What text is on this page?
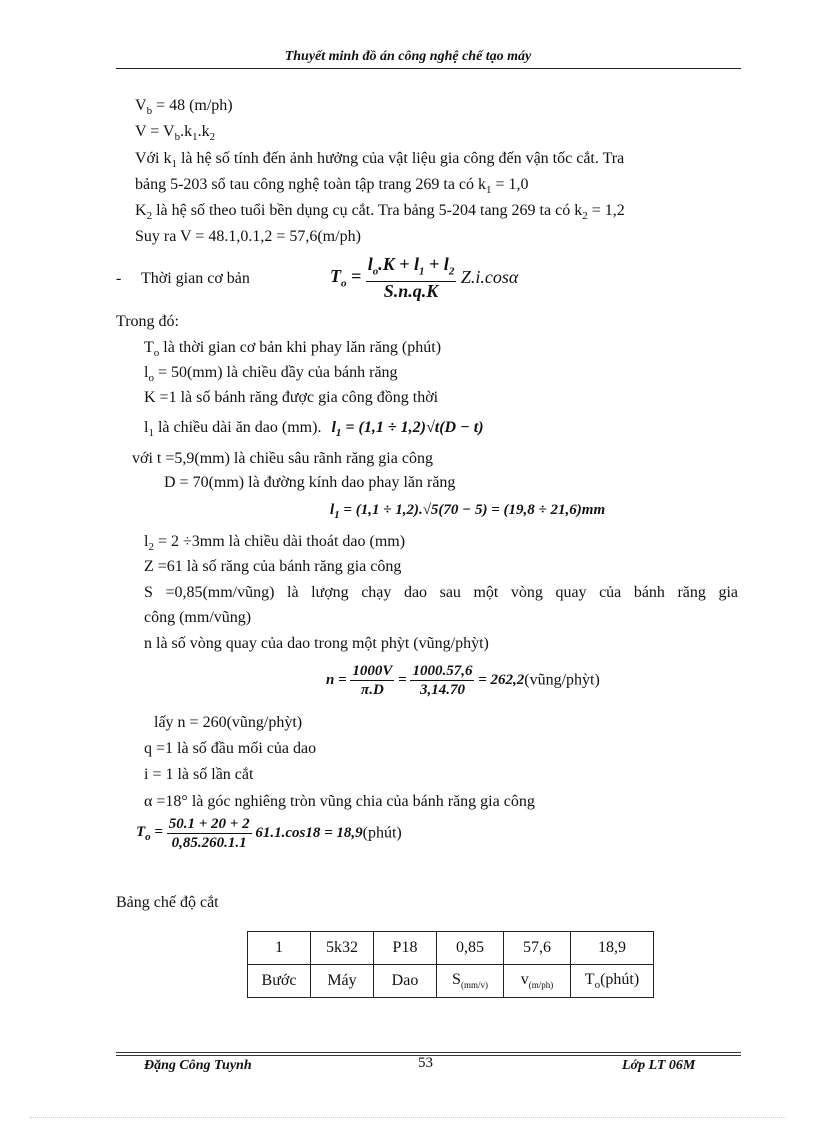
Thuyết minh đồ án công nghệ chế tạo máy
$V_b = 48$ (m/ph)
$V = V_b.k_1.k_2$
Với $k_1$ là hệ số tính đến ảnh hưởng của vật liệu gia công đến vận tốc cắt. Tra
bảng 5-203 sổ tau công nghệ toàn tập trang 269 ta có $k_1 = 1,0$
$K_2$ là hệ số theo tuổi bền dụng cụ cắt. Tra bảng 5-204 tang 269 ta có $k_2 = 1,2$
Suy ra V = 48.1,0.1,2 = 57,6(m/ph)
- Thời gian cơ bản	$T_o = \frac{l_o.K + l_1 + l_2}{S.n.q.K} Z.i.\cos\alpha$
Trong đó:
$T_o$ là thời gian cơ bản khi phay lăn răng (phút)
$l_o = 50(mm)$ là chiều dầy của bánh răng
K =1 là số bánh răng được gia công đồng thời
$l_1$ là chiều dài ăn dao (mm). $l_1 = (1,1 \div 1,2)√t(D - t)$
với t =5,9(mm) là chiều sâu rãnh răng gia công
D = 70(mm) là đường kính dao phay lăn răng
$l_1 = (1,1 \div 1,2).√5(70 - 5) = (19,8 \div 21,6)mm$
$l_2 = 2 \div 3mm$ là chiều dài thoát dao (mm)
Z =61 là số răng của bánh răng gia công
S =0,85(mm/vũng) là lượng chạy dao sau một vòng quay của bánh răng gia
công (mm/vũng)
n là số vòng quay của dao trong một phỳt (vũng/phỳt)
$n = \frac{1000V}{\pi.D} = \frac{1000.57,6}{3,14.70}$ = 262,2(vũng/phỳt)
lấy n = 260(vũng/phỳt)
q =1 là số đầu mối của dao
i = 1 là số lần cắt
α =18° là góc nghiêng tròn vũng chia của bánh răng gia công
$T_o = \frac{50.1 + 20 + 2}{0,85.260.1.1} 61.1.\cos 18$ = 18,9(phút)
Bảng chế độ cắt
1	5k32	P18	0,85	57,6	18,9
Bước	Máy	Dao	$S_{(mm/v)}$	$v_{(m/ph)}$	$T_o(phút)$
Đặng Công Tuynh	53	Lớp LT 06M
